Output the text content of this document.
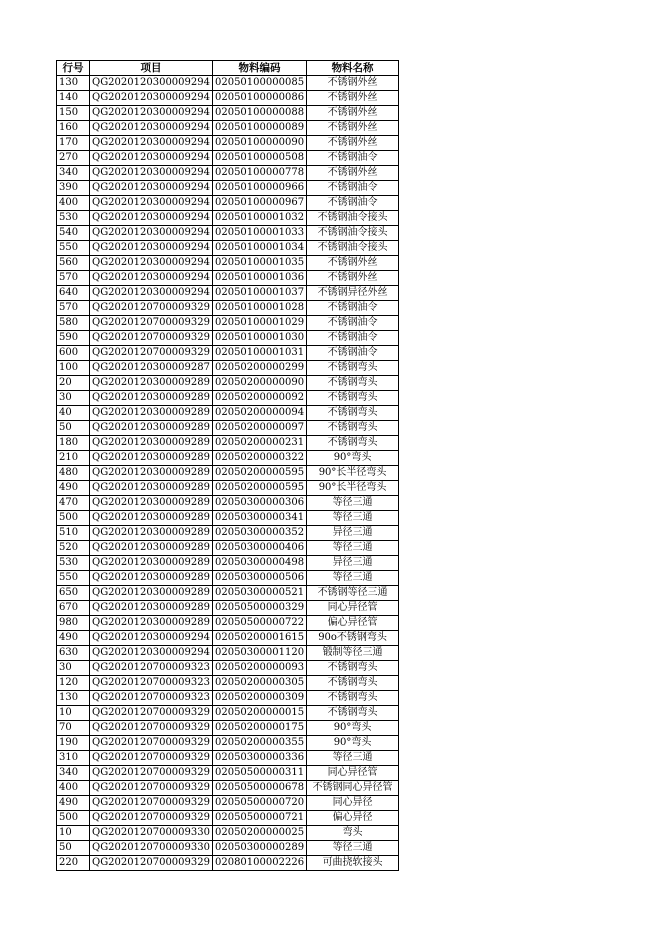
行号	项目	物料编码	物料名称
130	QG2020120300009294	02050100000085	不锈钢外丝
140	QG2020120300009294	02050100000086	不锈钢外丝
150	QG2020120300009294	02050100000088	不锈钢外丝
160	QG2020120300009294	02050100000089	不锈钢外丝
170	QG2020120300009294	02050100000090	不锈钢外丝
270	QG2020120300009294	02050100000508	不锈钢油令
340	QG2020120300009294	02050100000778	不锈钢外丝
390	QG2020120300009294	02050100000966	不锈钢油令
400	QG2020120300009294	02050100000967	不锈钢油令
530	QG2020120300009294	02050100001032	不锈钢油令接头
540	QG2020120300009294	02050100001033	不锈钢油令接头
550	QG2020120300009294	02050100001034	不锈钢油令接头
560	QG2020120300009294	02050100001035	不锈钢外丝
570	QG2020120300009294	02050100001036	不锈钢外丝
640	QG2020120300009294	02050100001037	不锈钢异径外丝
570	QG2020120700009329	02050100001028	不锈钢油令
580	QG2020120700009329	02050100001029	不锈钢油令
590	QG2020120700009329	02050100001030	不锈钢油令
600	QG2020120700009329	02050100001031	不锈钢油令
100	QG2020120300009287	02050200000299	不锈钢弯头
20	QG2020120300009289	02050200000090	不锈钢弯头
30	QG2020120300009289	02050200000092	不锈钢弯头
40	QG2020120300009289	02050200000094	不锈钢弯头
50	QG2020120300009289	02050200000097	不锈钢弯头
180	QG2020120300009289	02050200000231	不锈钢弯头
210	QG2020120300009289	02050200000322	90°弯头
480	QG2020120300009289	02050200000595	90°长半径弯头
490	QG2020120300009289	02050200000595	90°长半径弯头
470	QG2020120300009289	02050300000306	等径三通
500	QG2020120300009289	02050300000341	等径三通
510	QG2020120300009289	02050300000352	异径三通
520	QG2020120300009289	02050300000406	等径三通
530	QG2020120300009289	02050300000498	异径三通
550	QG2020120300009289	02050300000506	等径三通
650	QG2020120300009289	02050300000521	不锈钢等径三通
670	QG2020120300009289	02050500000329	同心异径管
980	QG2020120300009289	02050500000722	偏心异径管
490	QG2020120300009294	02050200001615	90o不锈钢弯头
630	QG2020120300009294	02050300001120	锻制等径三通
30	QG2020120700009323	02050200000093	不锈钢弯头
120	QG2020120700009323	02050200000305	不锈钢弯头
130	QG2020120700009323	02050200000309	不锈钢弯头
10	QG2020120700009329	02050200000015	不锈钢弯头
70	QG2020120700009329	02050200000175	90°弯头
190	QG2020120700009329	02050200000355	90°弯头
310	QG2020120700009329	02050300000336	等径三通
340	QG2020120700009329	02050500000311	同心异径管
400	QG2020120700009329	02050500000678	不锈钢同心异径管
490	QG2020120700009329	02050500000720	同心异径
500	QG2020120700009329	02050500000721	偏心异径
10	QG2020120700009330	02050200000025	弯头
50	QG2020120700009330	02050300000289	等径三通
220	QG2020120700009329	02080100002226	可曲挠软接头
